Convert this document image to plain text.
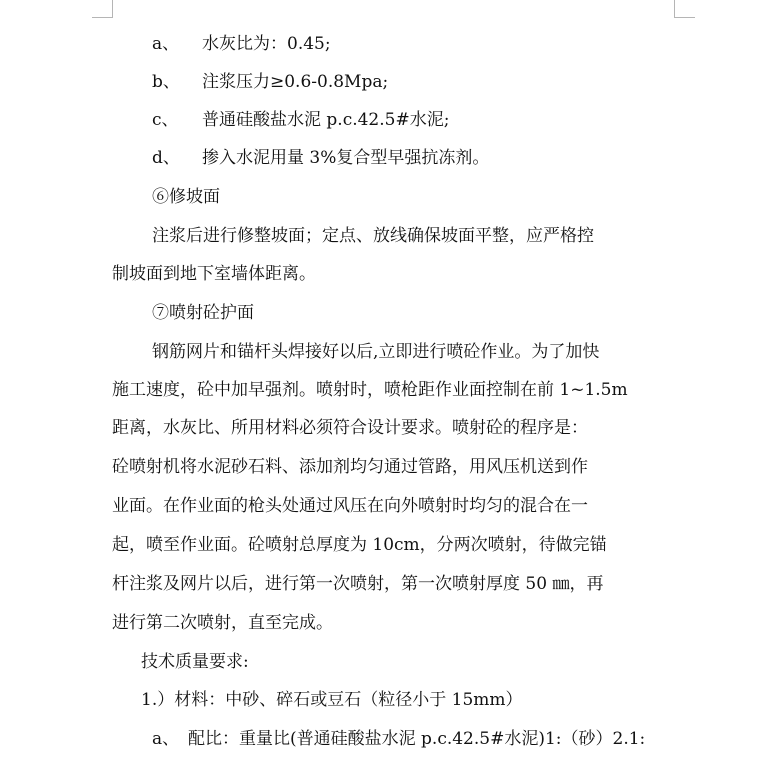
a、 水灰比为：0.45;
b、 注浆压力≥0.6-0.8Mpa;
c、 普通硅酸盐水泥 p.c.42.5#水泥;
d、 掺入水泥用量 3%复合型早强抗冻剂。
⑥修坡面
注浆后进行修整坡面；定点、放线确保坡面平整，应严格控
制坡面到地下室墙体距离。
⑦喷射砼护面
钢筋网片和锚杆头焊接好以后,立即进行喷砼作业。为了加快
施工速度，砼中加早强剂。喷射时，喷枪距作业面控制在前 1~1.5m
距离，水灰比、所用材料必须符合设计要求。喷射砼的程序是：
砼喷射机将水泥砂石料、添加剂均匀通过管路，用风压机送到作
业面。在作业面的枪头处通过风压在向外喷射时均匀的混合在一
起，喷至作业面。砼喷射总厚度为 10cm，分两次喷射，待做完锚
杆注浆及网片以后，进行第一次喷射，第一次喷射厚度 50 ㎜，再
进行第二次喷射，直至完成。
技术质量要求:
1.）材料：中砂、碎石或豆石（粒径小于 15mm）
a、 配比：重量比(普通硅酸盐水泥 p.c.42.5#水泥)1:（砂）2.1:
